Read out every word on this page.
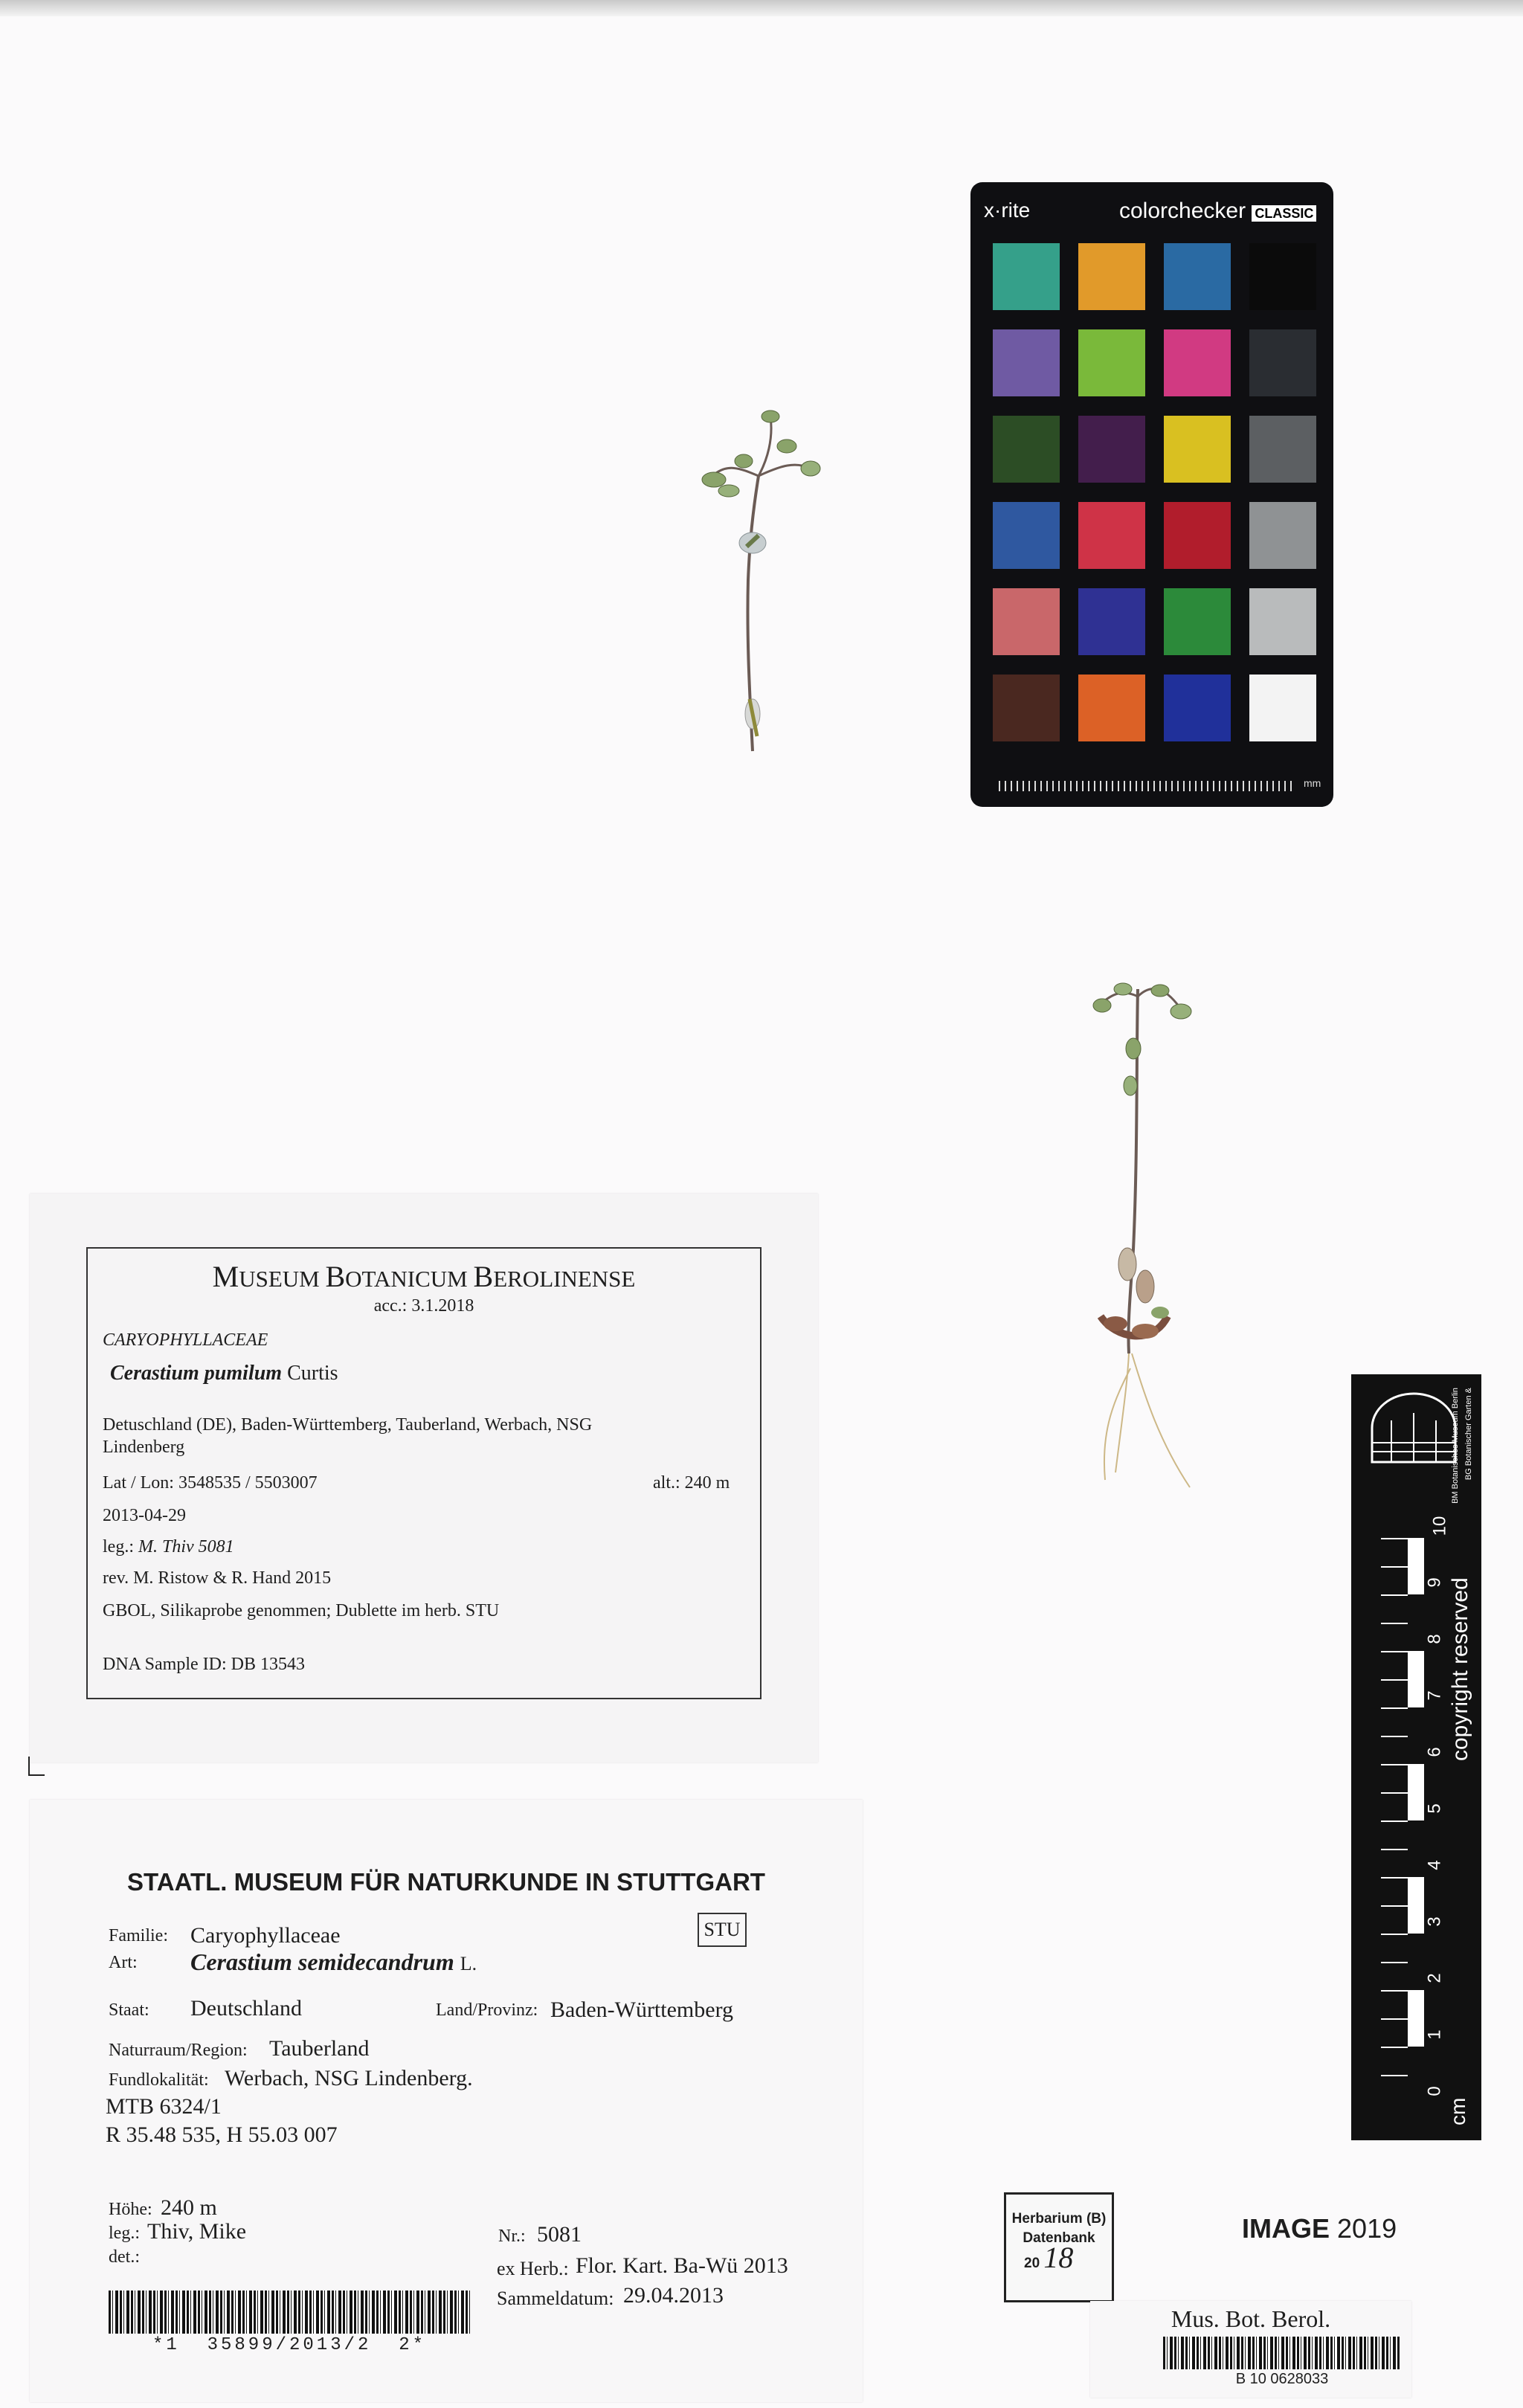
x·rite	colorchecker CLASSIC
mm
MUSEUM BOTANICUM BEROLINENSE
acc.: 3.1.2018
CARYOPHYLLACEAE
Cerastium pumilum Curtis
Detuschland (DE), Baden-Württemberg, Tauberland, Werbach, NSG Lindenberg
Lat / Lon: 3548535 / 5503007	alt.: 240 m
2013-04-29
leg.: M. Thiv 5081
rev. M. Ristow & R. Hand 2015
GBOL, Silikaprobe genommen; Dublette im herb. STU
DNA Sample ID: DB 13543
STAATL. MUSEUM FÜR NATURKUNDE IN STUTTGART
STU
Familie: Caryophyllaceae
Art: Cerastium semidecandrum L.
Staat: Deutschland	Land/Provinz: Baden-Württemberg
Naturraum/Region: Tauberland
Fundlokalität: Werbach, NSG Lindenberg.
MTB 6324/1
R 35.48 535, H 55.03 007
Höhe: 240 m
leg.: Thiv, Mike
det.:
Nr.: 5081
ex Herb.: Flor. Kart. Ba-Wü 2013
Sammeldatum: 29.04.2013
*1  35899/2013/2  2*
Herbarium (B)
Datenbank
20 18
IMAGE 2019
Mus. Bot. Berol.
B 10 0628033
BG Botanischer Garten &
BM Botanisches Museum Berlin
10
9
8
7
6
5
4
3
2
1
0
cm
copyright reserved
